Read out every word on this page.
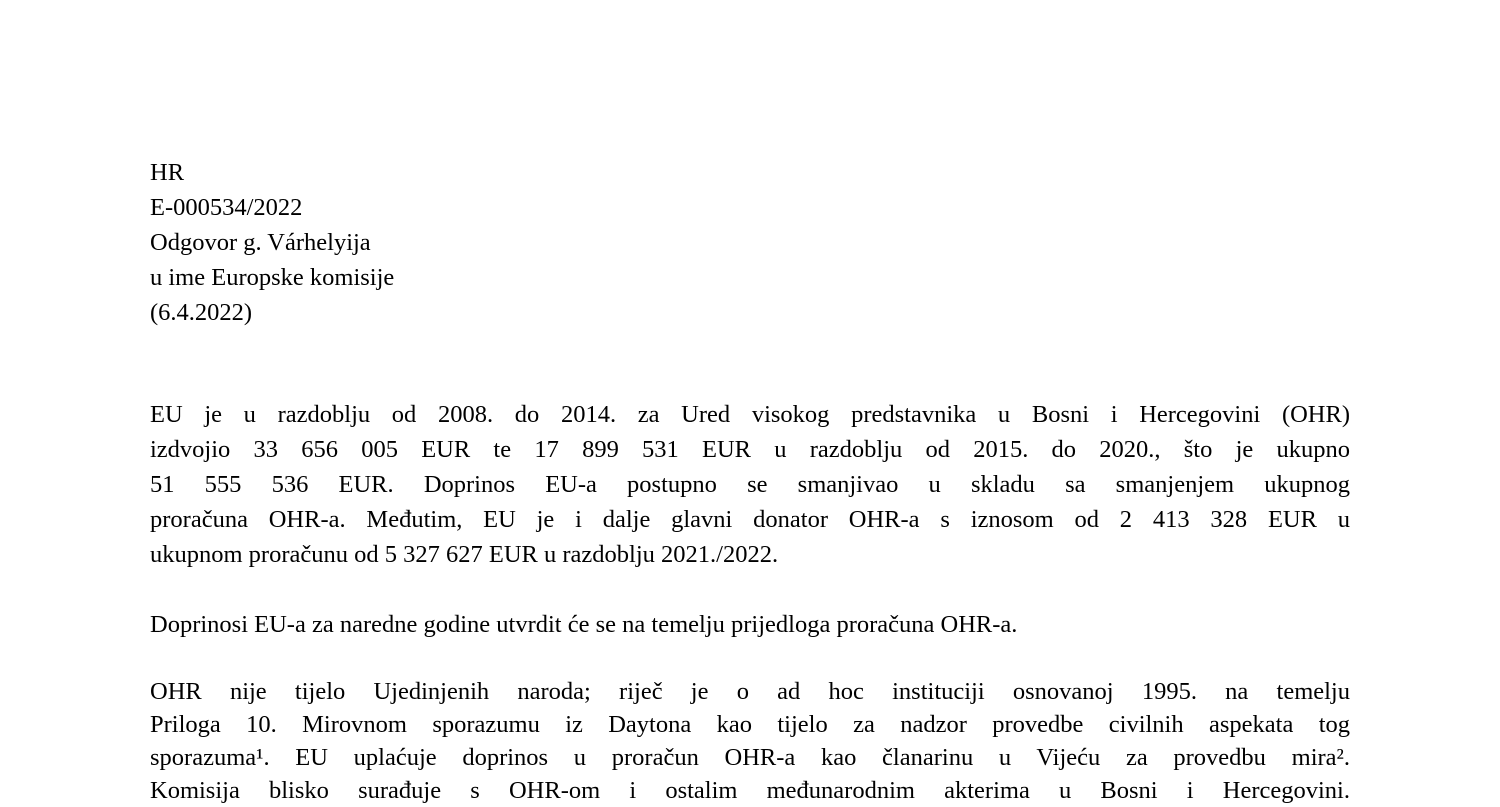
HR
E-000534/2022
Odgovor g. Várhelyija
u ime Europske komisije
(6.4.2022)
EU je u razdoblju od 2008. do 2014. za Ured visokog predstavnika u Bosni i Hercegovini (OHR)
izdvojio 33 656 005 EUR te 17 899 531 EUR u razdoblju od 2015. do 2020., što je ukupno
51 555 536 EUR. Doprinos EU-a postupno se smanjivao u skladu sa smanjenjem ukupnog
proračuna OHR-a. Međutim, EU je i dalje glavni donator OHR-a s iznosom od 2 413 328 EUR u
ukupnom proračunu od 5 327 627 EUR u razdoblju 2021./2022.
Doprinosi EU-a za naredne godine utvrdit će se na temelju prijedloga proračuna OHR-a.
OHR nije tijelo Ujedinjenih naroda; riječ je o ad hoc instituciji osnovanoj 1995. na temelju
Priloga 10. Mirovnom sporazumu iz Daytona kao tijelo za nadzor provedbe civilnih aspekata tog
sporazuma¹. EU uplaćuje doprinos u proračun OHR-a kao članarinu u Vijeću za provedbu mira².
Komisija blisko surađuje s OHR-om i ostalim međunarodnim akterima u Bosni i Hercegovini.
